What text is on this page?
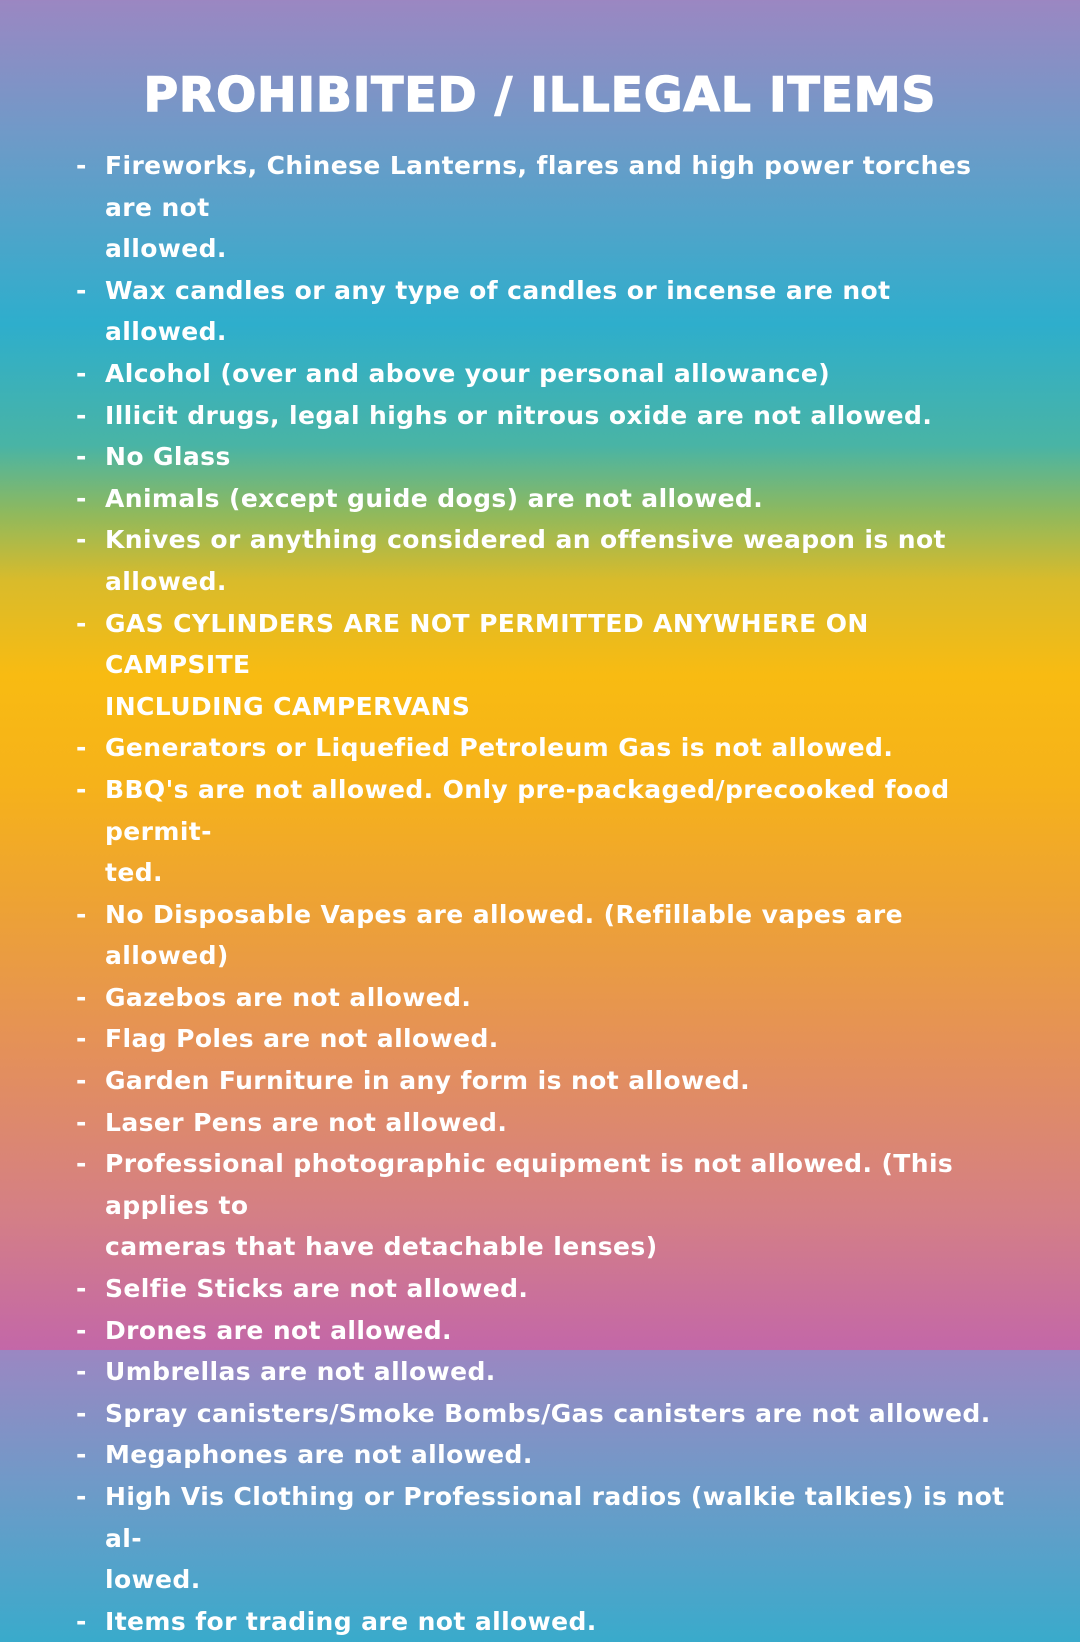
PROHIBITED / ILLEGAL ITEMS
- Fireworks, Chinese Lanterns, flares and high power torches are not
allowed.
- Wax candles or any type of candles or incense are not allowed.
- Alcohol (over and above your personal allowance)
- Illicit drugs, legal highs or nitrous oxide are not allowed.
- No Glass
- Animals (except guide dogs) are not allowed.
- Knives or anything considered an offensive weapon is not allowed.
- GAS CYLINDERS ARE NOT PERMITTED ANYWHERE ON CAMPSITE
INCLUDING CAMPERVANS
- Generators or Liquefied Petroleum Gas is not allowed.
- BBQ's are not allowed. Only pre-packaged/precooked food permit-
ted.
- No Disposable Vapes are allowed. (Refillable vapes are allowed)
- Gazebos are not allowed.
- Flag Poles are not allowed.
- Garden Furniture in any form is not allowed.
- Laser Pens are not allowed.
- Professional photographic equipment is not allowed. (This applies to
cameras that have detachable lenses)
- Selfie Sticks are not allowed.
- Drones are not allowed.
- Umbrellas are not allowed.
- Spray canisters/Smoke Bombs/Gas canisters are not allowed.
- Megaphones are not allowed.
- High Vis Clothing or Professional radios (walkie talkies) is not al-
lowed.
- Items for trading are not allowed.
